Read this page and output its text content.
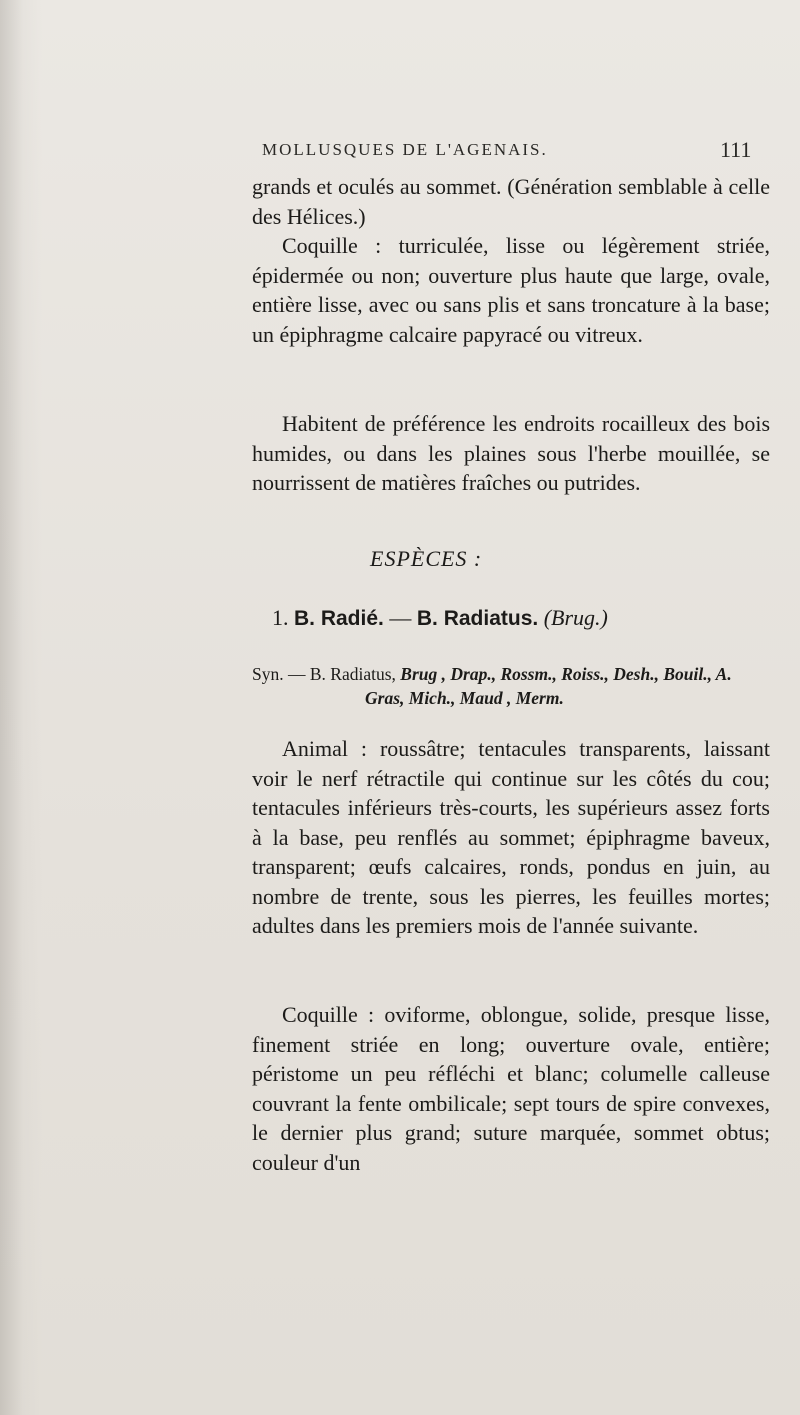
MOLLUSQUES DE L'AGENAIS.	111

grands et oculés au sommet. (Génération semblable à celle des Hélices.)

Coquille : turriculée, lisse ou légèrement striée, épidermée ou non; ouverture plus haute que large, ovale, entière lisse, avec ou sans plis et sans troncature à la base; un épiphragme calcaire papyracé ou vitreux.

Habitent de préférence les endroits rocailleux des bois humides, ou dans les plaines sous l'herbe mouillée, se nourrissent de matières fraîches ou putrides.

ESPÈCES :
1. B. Radié. — B. Radiatus. (Brug.)
Syn. — B. Radiatus, Brug , Drap., Rossm., Roiss., Desh., Bouil., A.
Gras, Mich., Maud , Merm.

Animal : roussâtre; tentacules transparents, laissant voir le nerf rétractile qui continue sur les côtés du cou; tentacules inférieurs très-courts, les supérieurs assez forts à la base, peu renflés au sommet; épiphragme baveux, transparent; œufs calcaires, ronds, pondus en juin, au nombre de trente, sous les pierres, les feuilles mortes; adultes dans les premiers mois de l'année suivante.

Coquille : oviforme, oblongue, solide, presque lisse, finement striée en long; ouverture ovale, entière; péristome un peu réfléchi et blanc; columelle calleuse couvrant la fente ombilicale; sept tours de spire convexes, le dernier plus grand; suture marquée, sommet obtus; couleur d'un
